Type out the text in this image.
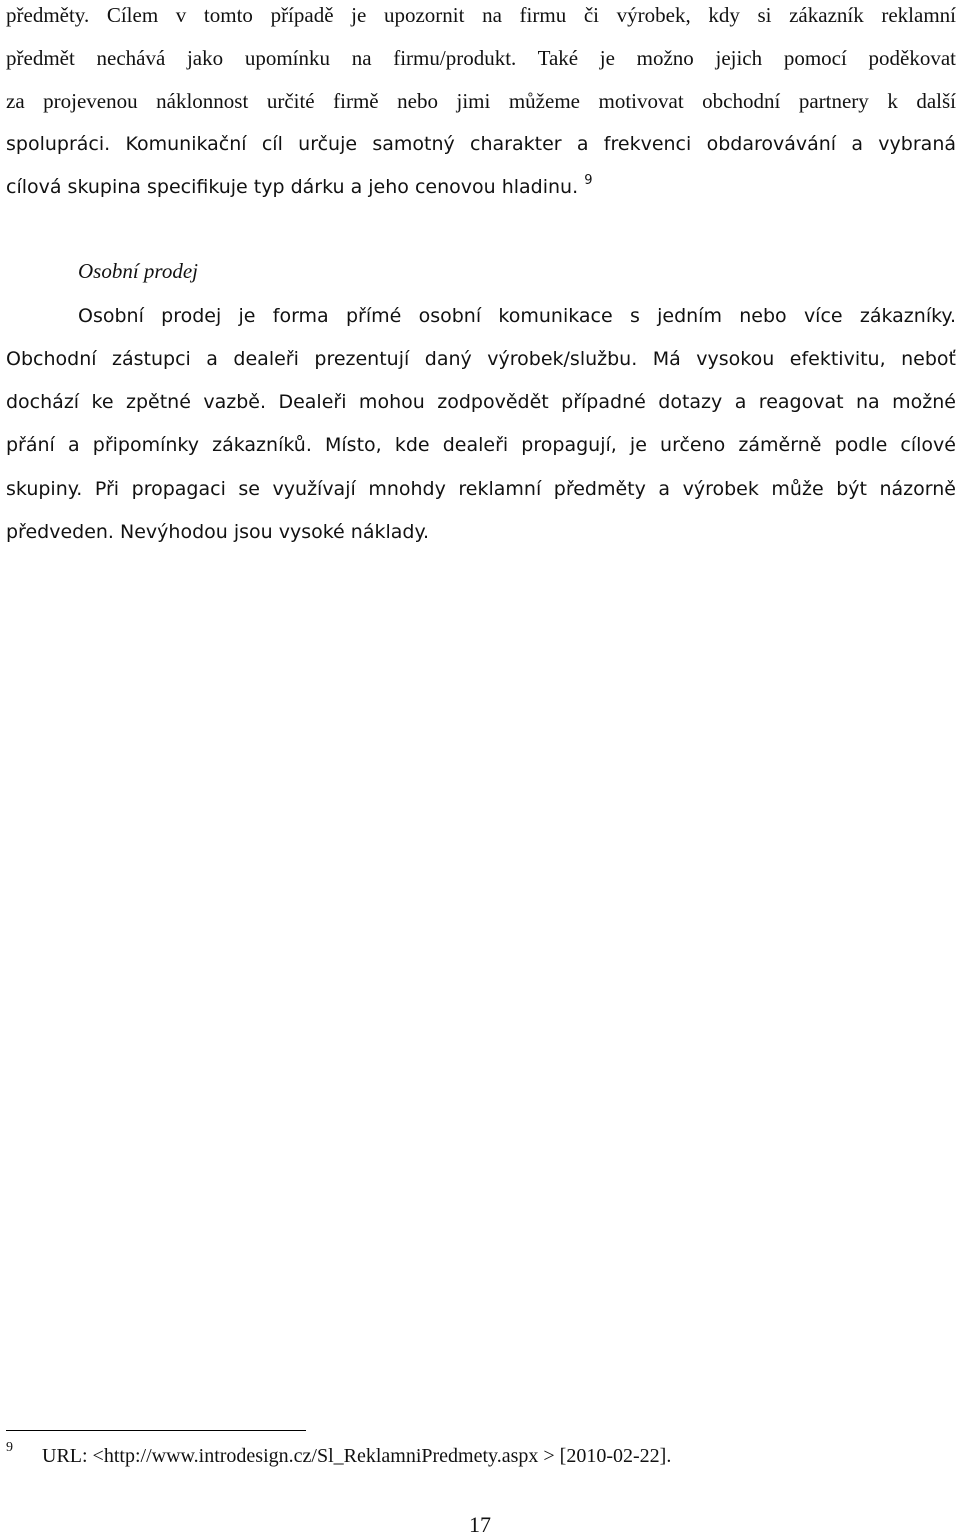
předměty. Cílem v tomto případě je upozornit na firmu či výrobek, kdy si zákazník reklamní
předmět nechává jako upomínku na firmu/produkt. Také je možno jejich pomocí poděkovat
za projevenou náklonnost určité firmě nebo jimi můžeme motivovat obchodní partnery k další
spolupráci. Komunikační cíl určuje samotný charakter a frekvenci obdarovávání a vybraná
cílová skupina specifikuje typ dárku a jeho cenovou hladinu. $^9$
Osobní prodej
Osobní prodej je forma přímé osobní komunikace s jedním nebo více zákazníky.
Obchodní zástupci a dealeři prezentují daný výrobek/službu. Má vysokou efektivitu, neboť
dochází ke zpětné vazbě. Dealeři mohou zodpovědět případné dotazy a reagovat na možné
přání a připomínky zákazníků. Místo, kde dealeři propagují, je určeno záměrně podle cílové
skupiny. Při propagaci se využívají mnohdy reklamní předměty a výrobek může být názorně
předveden. Nevýhodou jsou vysoké náklady.
9 URL: <http://www.introdesign.cz/Sl_ReklamniPredmety.aspx > [2010-02-22].
17
